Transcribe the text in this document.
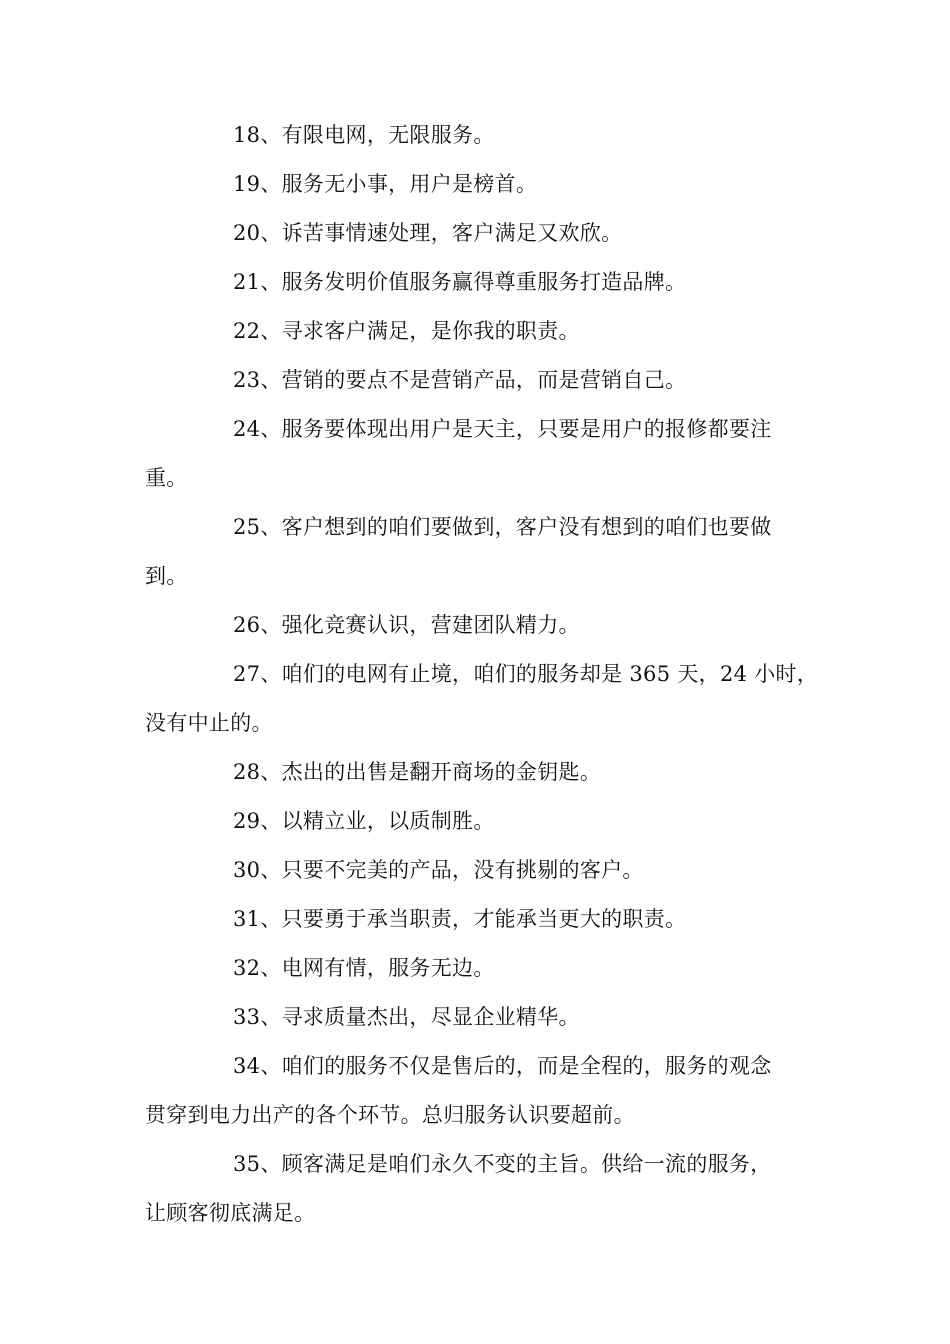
18、有限电网，无限服务。

19、服务无小事，用户是榜首。

20、诉苦事情速处理，客户满足又欢欣。

21、服务发明价值服务赢得尊重服务打造品牌。

22、寻求客户满足，是你我的职责。

23、营销的要点不是营销产品，而是营销自己。

24、服务要体现出用户是天主，只要是用户的报修都要注
重。

25、客户想到的咱们要做到，客户没有想到的咱们也要做
到。

26、强化竞赛认识，营建团队精力。

27、咱们的电网有止境，咱们的服务却是 365 天，24 小时，
没有中止的。

28、杰出的出售是翻开商场的金钥匙。

29、以精立业，以质制胜。

30、只要不完美的产品，没有挑剔的客户。

31、只要勇于承当职责，才能承当更大的职责。

32、电网有情，服务无边。

33、寻求质量杰出，尽显企业精华。

34、咱们的服务不仅是售后的，而是全程的，服务的观念
贯穿到电力出产的各个环节。总归服务认识要超前。

35、顾客满足是咱们永久不变的主旨。供给一流的服务，
让顾客彻底满足。
